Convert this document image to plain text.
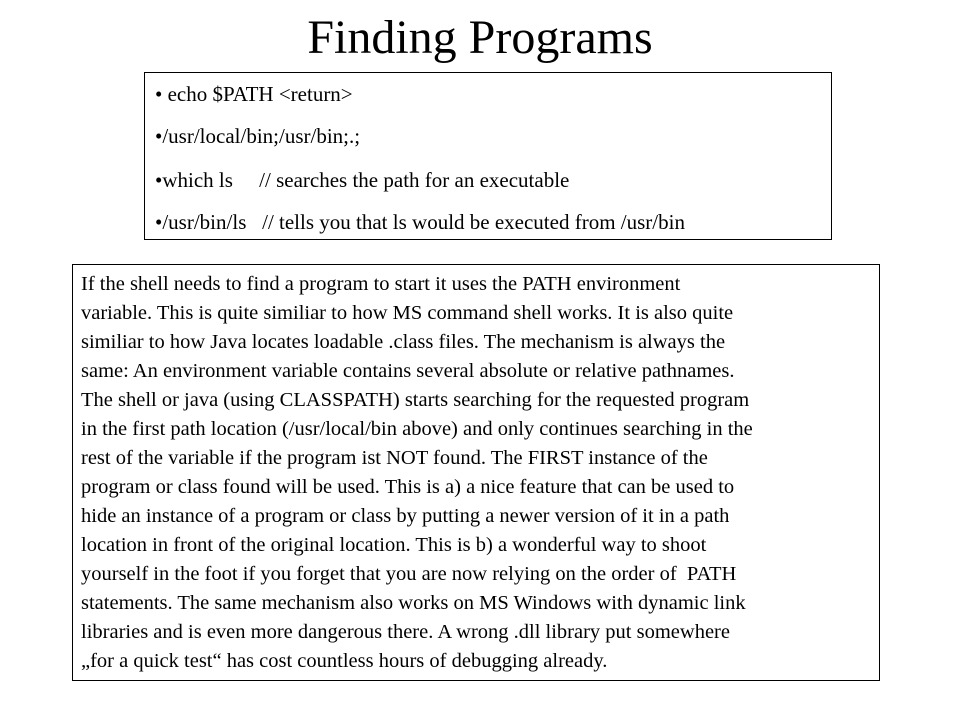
Finding Programs
• echo $PATH <return>
•/usr/local/bin;/usr/bin;.;
•which ls     // searches the path for an executable
•/usr/bin/ls   // tells you that ls would be executed from /usr/bin
If the shell needs to find a program to start it uses the PATH environment
variable. This is quite similiar to how MS command shell works. It is also quite
similiar to how Java locates loadable .class files. The mechanism is always the
same: An environment variable contains several absolute or relative pathnames.
The shell or java (using CLASSPATH) starts searching for the requested program
in the first path location (/usr/local/bin above) and only continues searching in the
rest of the variable if the program ist NOT found. The FIRST instance of the
program or class found will be used. This is a) a nice feature that can be used to
hide an instance of a program or class by putting a newer version of it in a path
location in front of the original location. This is b) a wonderful way to shoot
yourself in the foot if you forget that you are now relying on the order of  PATH
statements. The same mechanism also works on MS Windows with dynamic link
libraries and is even more dangerous there. A wrong .dll library put somewhere
„for a quick test“ has cost countless hours of debugging already.
